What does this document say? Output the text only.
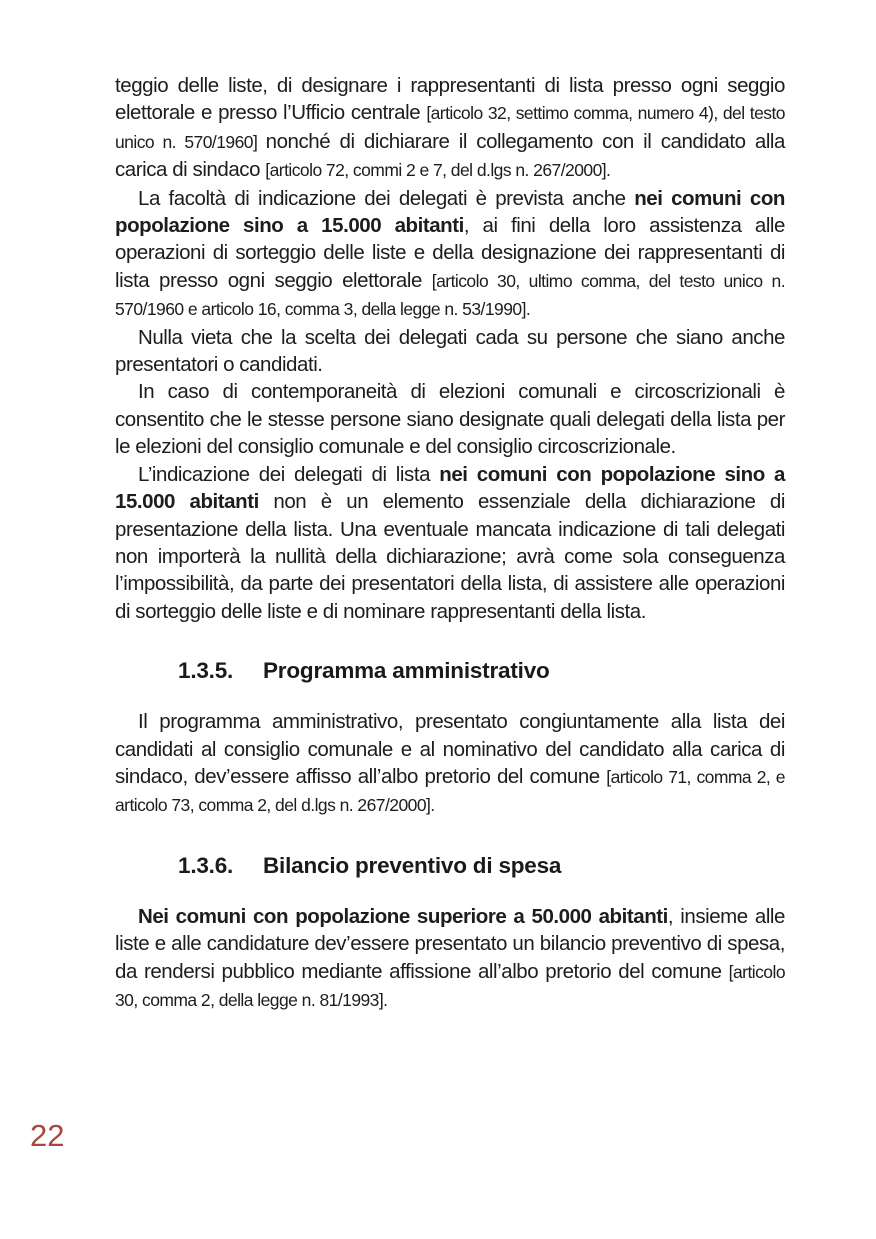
teggio delle liste, di designare i rappresentanti di lista presso ogni seggio elettorale e presso l’Ufficio centrale [articolo 32, settimo comma, numero 4), del testo unico n. 570/1960] nonché di dichiarare il collegamento con il candidato alla carica di sindaco [articolo 72, commi 2 e 7, del d.lgs n. 267/2000].

La facoltà di indicazione dei delegati è prevista anche nei comuni con popolazione sino a 15.000 abitanti, ai fini della loro assistenza alle operazioni di sorteggio delle liste e della designazione dei rappresentanti di lista presso ogni seggio elettorale [articolo 30, ultimo comma, del testo unico n. 570/1960 e articolo 16, comma 3, della legge n. 53/1990].

Nulla vieta che la scelta dei delegati cada su persone che siano anche presentatori o candidati.

In caso di contemporaneità di elezioni comunali e circoscrizionali è consentito che le stesse persone siano designate quali delegati della lista per le elezioni del consiglio comunale e del consiglio circoscrizionale.

L’indicazione dei delegati di lista nei comuni con popolazione sino a 15.000 abitanti non è un elemento essenziale della dichiarazione di presentazione della lista. Una eventuale mancata indicazione di tali delegati non importerà la nullità della dichiarazione; avrà come sola conseguenza l’impossibilità, da parte dei presentatori della lista, di assistere alle operazioni di sorteggio delle liste e di nominare rappresentanti della lista.

1.3.5.	Programma amministrativo

Il programma amministrativo, presentato congiuntamente alla lista dei candidati al consiglio comunale e al nominativo del candidato alla carica di sindaco, dev’essere affisso all’albo pretorio del comune [articolo 71, comma 2, e articolo 73, comma 2, del d.lgs n. 267/2000].

1.3.6.	Bilancio preventivo di spesa

Nei comuni con popolazione superiore a 50.000 abitanti, insieme alle liste e alle candidature dev’essere presentato un bilancio preventivo di spesa, da rendersi pubblico mediante affissione all’albo pretorio del comune [articolo 30, comma 2, della legge n. 81/1993].

22
